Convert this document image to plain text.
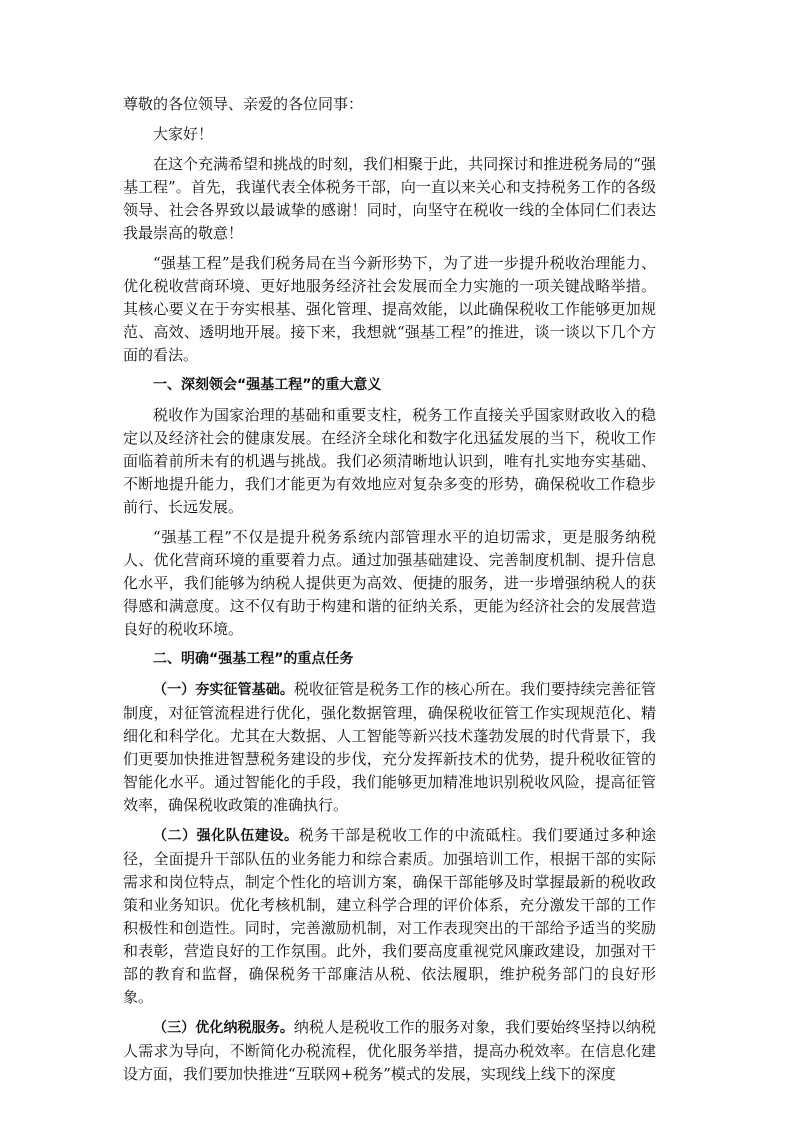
尊敬的各位领导、亲爱的各位同事：

大家好！

在这个充满希望和挑战的时刻，我们相聚于此，共同探讨和推进税务局的“强基工程”。首先，我谨代表全体税务干部，向一直以来关心和支持税务工作的各级领导、社会各界致以最诚挚的感谢！同时，向坚守在税收一线的全体同仁们表达我最崇高的敬意！

“强基工程”是我们税务局在当今新形势下，为了进一步提升税收治理能力、优化税收营商环境、更好地服务经济社会发展而全力实施的一项关键战略举措。其核心要义在于夯实根基、强化管理、提高效能，以此确保税收工作能够更加规范、高效、透明地开展。接下来，我想就“强基工程”的推进，谈一谈以下几个方面的看法。

一、深刻领会“强基工程”的重大意义

税收作为国家治理的基础和重要支柱，税务工作直接关乎国家财政收入的稳定以及经济社会的健康发展。在经济全球化和数字化迅猛发展的当下，税收工作面临着前所未有的机遇与挑战。我们必须清晰地认识到，唯有扎实地夯实基础、不断地提升能力，我们才能更为有效地应对复杂多变的形势，确保税收工作稳步前行、长远发展。

“强基工程”不仅是提升税务系统内部管理水平的迫切需求，更是服务纳税人、优化营商环境的重要着力点。通过加强基础建设、完善制度机制、提升信息化水平，我们能够为纳税人提供更为高效、便捷的服务，进一步增强纳税人的获得感和满意度。这不仅有助于构建和谐的征纳关系，更能为经济社会的发展营造良好的税收环境。

二、明确“强基工程”的重点任务

（一）夯实征管基础。税收征管是税务工作的核心所在。我们要持续完善征管制度，对征管流程进行优化，强化数据管理，确保税收征管工作实现规范化、精细化和科学化。尤其在大数据、人工智能等新兴技术蓬勃发展的时代背景下，我们更要加快推进智慧税务建设的步伐，充分发挥新技术的优势，提升税收征管的智能化水平。通过智能化的手段，我们能够更加精准地识别税收风险，提高征管效率，确保税收政策的准确执行。

（二）强化队伍建设。税务干部是税收工作的中流砥柱。我们要通过多种途径，全面提升干部队伍的业务能力和综合素质。加强培训工作，根据干部的实际需求和岗位特点，制定个性化的培训方案，确保干部能够及时掌握最新的税收政策和业务知识。优化考核机制，建立科学合理的评价体系，充分激发干部的工作积极性和创造性。同时，完善激励机制，对工作表现突出的干部给予适当的奖励和表彰，营造良好的工作氛围。此外，我们要高度重视党风廉政建设，加强对干部的教育和监督，确保税务干部廉洁从税、依法履职，维护税务部门的良好形象。

（三）优化纳税服务。纳税人是税收工作的服务对象，我们要始终坚持以纳税人需求为导向，不断简化办税流程，优化服务举措，提高办税效率。在信息化建设方面，我们要加快推进“互联网+税务”模式的发展，实现线上线下的深度
